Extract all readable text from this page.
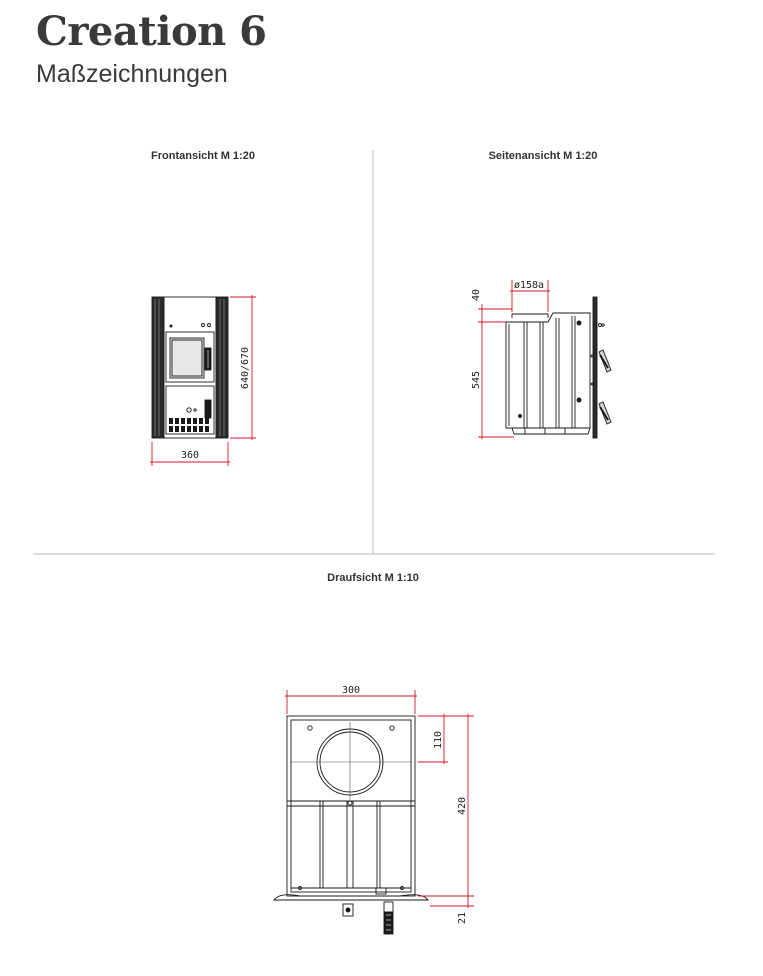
Creation 6
Maßzeichnungen
Frontansicht M 1:20	Seitenansicht M 1:20
Draufsicht M 1:10
360
640/670
ø158a
40
545
300
110
420
21
